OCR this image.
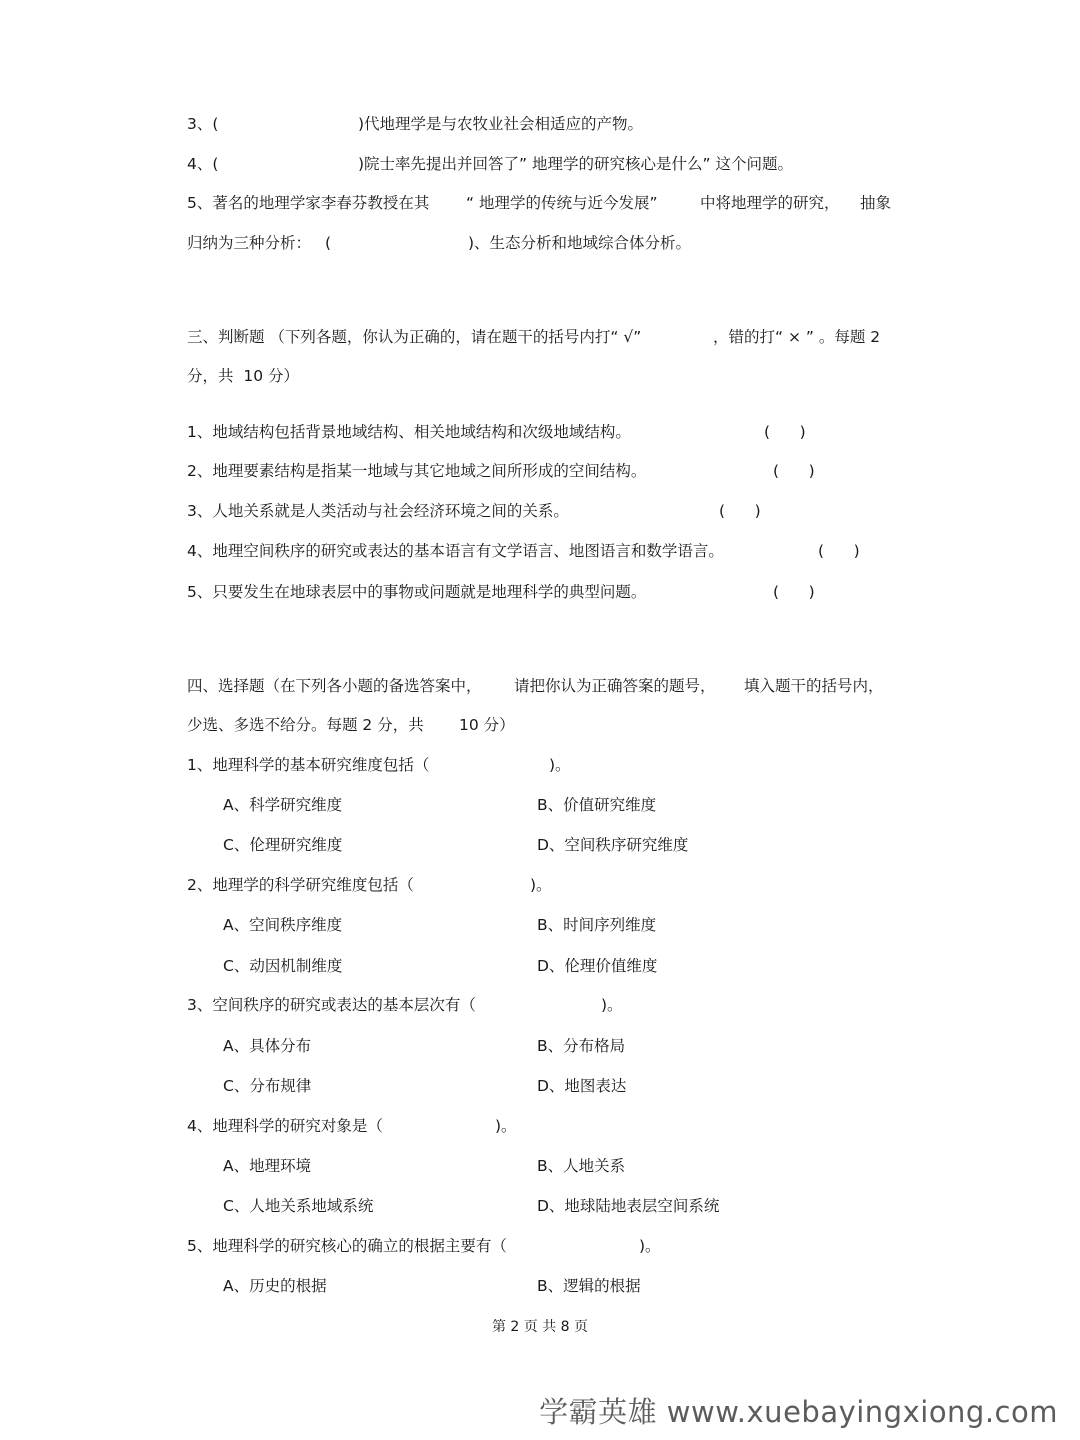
3、(	)代地理学是与农牧业社会相适应的产物。
4、(	)院士率先提出并回答了” 地理学的研究核心是什么” 这个问题。
5、著名的地理学家李春芬教授在其 “ 地理学的传统与近今发展”	中将地理学的研究， 抽象
归纳为三种分析： (	)、生态分析和地域综合体分析。
三、判断题 （下列各题，你认为正确的，请在题干的括号内打“ √”	，错的打“ × ” 。每题 2
分，共  10 分）
1、地域结构包括背景地域结构、相关地域结构和次级地域结构。	(      )
2、地理要素结构是指某一地域与其它地域之间所形成的空间结构。	(      )
3、人地关系就是人类活动与社会经济环境之间的关系。	(      )
4、地理空间秩序的研究或表达的基本语言有文学语言、地图语言和数学语言。	(      )
5、只要发生在地球表层中的事物或问题就是地理科学的典型问题。	(      )
四、选择题（在下列各小题的备选答案中， 请把你认为正确答案的题号， 填入题干的括号内，
少选、多选不给分。每题 2 分，共 10 分）
1、地理科学的基本研究维度包括（	)。
A、科学研究维度	B、价值研究维度
C、伦理研究维度	D、空间秩序研究维度
2、地理学的科学研究维度包括（	)。
A、空间秩序维度	B、时间序列维度
C、动因机制维度	D、伦理价值维度
3、空间秩序的研究或表达的基本层次有（	)。
A、具体分布	B、分布格局
C、分布规律	D、地图表达
4、地理科学的研究对象是（	)。
A、地理环境	B、人地关系
C、人地关系地域系统	D、地球陆地表层空间系统
5、地理科学的研究核心的确立的根据主要有（	)。
A、历史的根据	B、逻辑的根据
第 2 页 共 8 页
学霸英雄 www.xuebayingxiong.com
